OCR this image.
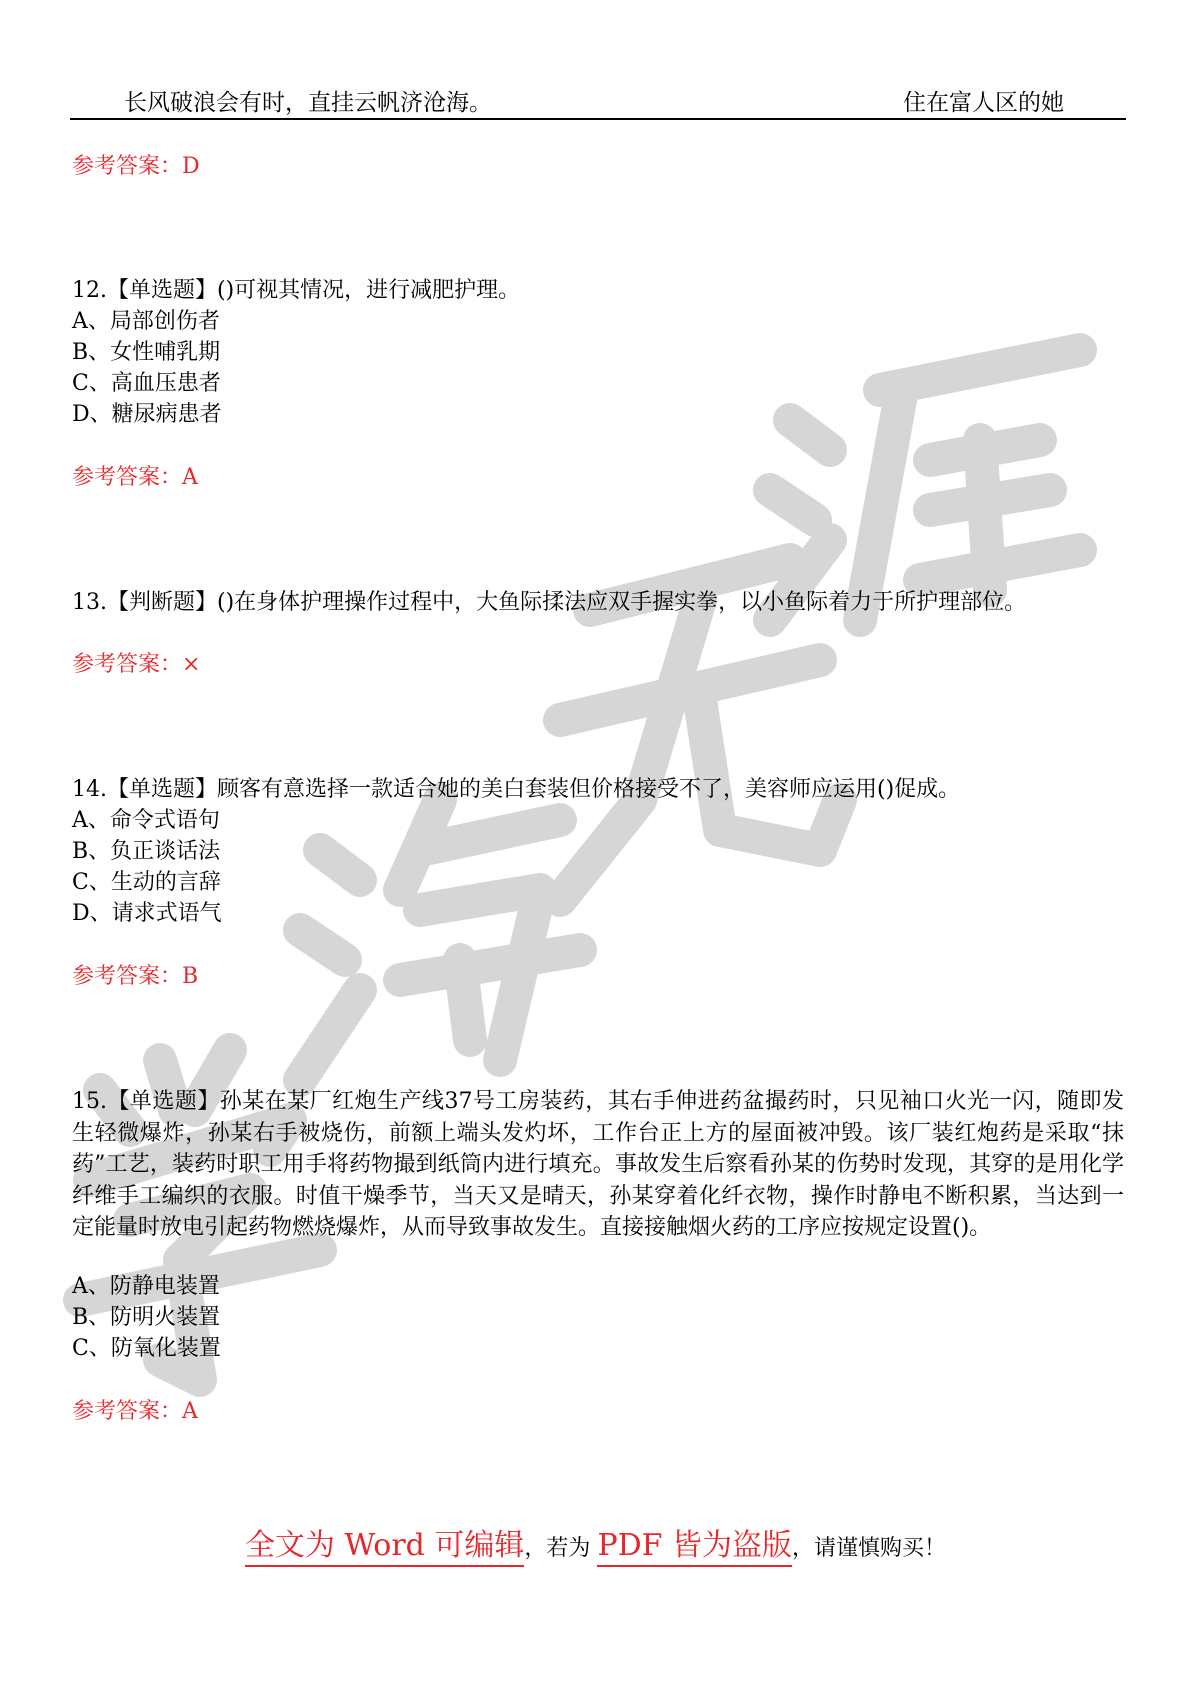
长风破浪会有时，直挂云帆济沧海。	住在富人区的她
参考答案：D
12.【单选题】()可视其情况，进行减肥护理。
A、局部创伤者
B、女性哺乳期
C、高血压患者
D、糖尿病患者
参考答案：A
13.【判断题】()在身体护理操作过程中，大鱼际揉法应双手握实拳，以小鱼际着力于所护理部位。
参考答案：×
14.【单选题】顾客有意选择一款适合她的美白套装但价格接受不了，美容师应运用()促成。
A、命令式语句
B、负正谈话法
C、生动的言辞
D、请求式语气
参考答案：B
15.【单选题】孙某在某厂红炮生产线37号工房装药，其右手伸进药盆撮药时，只见袖口火光一闪，随即发生轻微爆炸，孙某右手被烧伤，前额上端头发灼坏，工作台正上方的屋面被冲毁。该厂装红炮药是采取“抹药”工艺，装药时职工用手将药物撮到纸筒内进行填充。事故发生后察看孙某的伤势时发现，其穿的是用化学纤维手工编织的衣服。时值干燥季节，当天又是晴天，孙某穿着化纤衣物，操作时静电不断积累，当达到一定能量时放电引起药物燃烧爆炸，从而导致事故发生。直接接触烟火药的工序应按规定设置()。
A、防静电装置
B、防明火装置
C、防氧化装置
参考答案：A
全文为 Word 可编辑，若为 PDF 皆为盗版，请谨慎购买！
